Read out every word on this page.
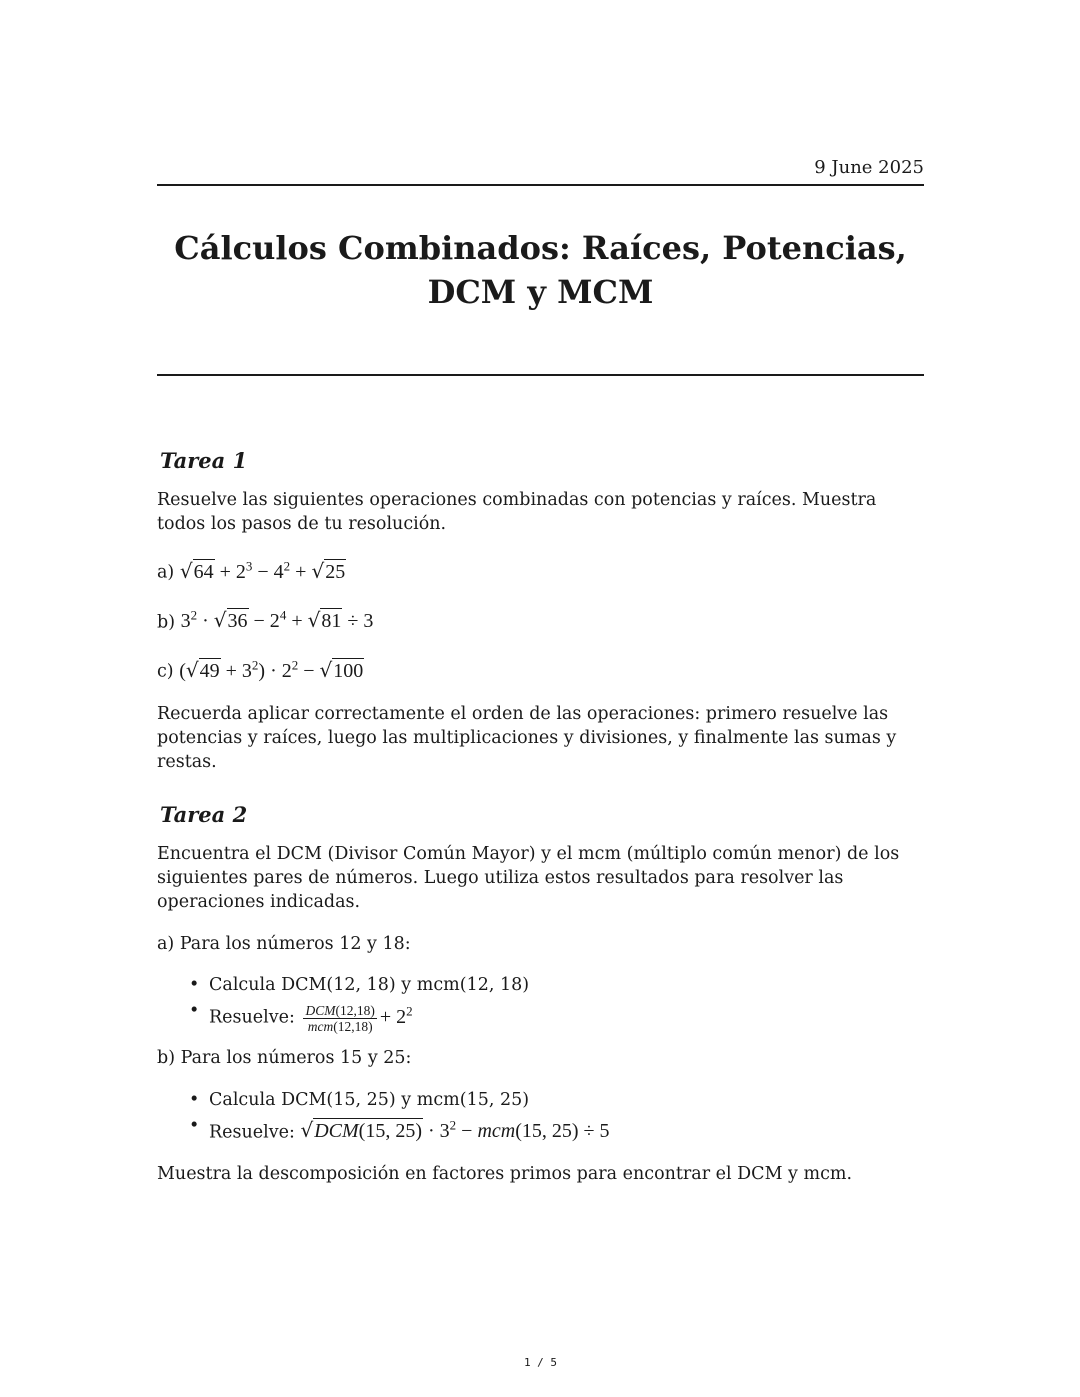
9 June 2025
Cálculos Combinados: Raíces, Potencias, DCM y MCM
Tarea 1

Resuelve las siguientes operaciones combinadas con potencias y raíces. Muestra todos los pasos de tu resolución.

a) $√64 + 2^3 - 4^2 + √25$

b) $3^2 \cdot √36 - 2^4 + √81 \div 3$

c) $(√49 + 3^2) \cdot 2^2 - √100$

Recuerda aplicar correctamente el orden de las operaciones: primero resuelve las potencias y raíces, luego las multiplicaciones y divisiones, y finalmente las sumas y restas.

Tarea 2

Encuentra el DCM (Divisor Común Mayor) y el mcm (múltiplo común menor) de los siguientes pares de números. Luego utiliza estos resultados para resolver las operaciones indicadas.

a) Para los números 12 y 18:

• Calcula DCM(12, 18) y mcm(12, 18)
• Resuelve: $\frac{\text{DCM(12,18)}}{\text{mcm(12,18)}} + 2^2$

b) Para los números 15 y 25:

• Calcula DCM(15, 25) y mcm(15, 25)
• Resuelve: √DCM(15, $25) \cdot 3^2 - mcm(15$, 25) ÷ 5

Muestra la descomposición en factores primos para encontrar el DCM y mcm.

1 / 5
